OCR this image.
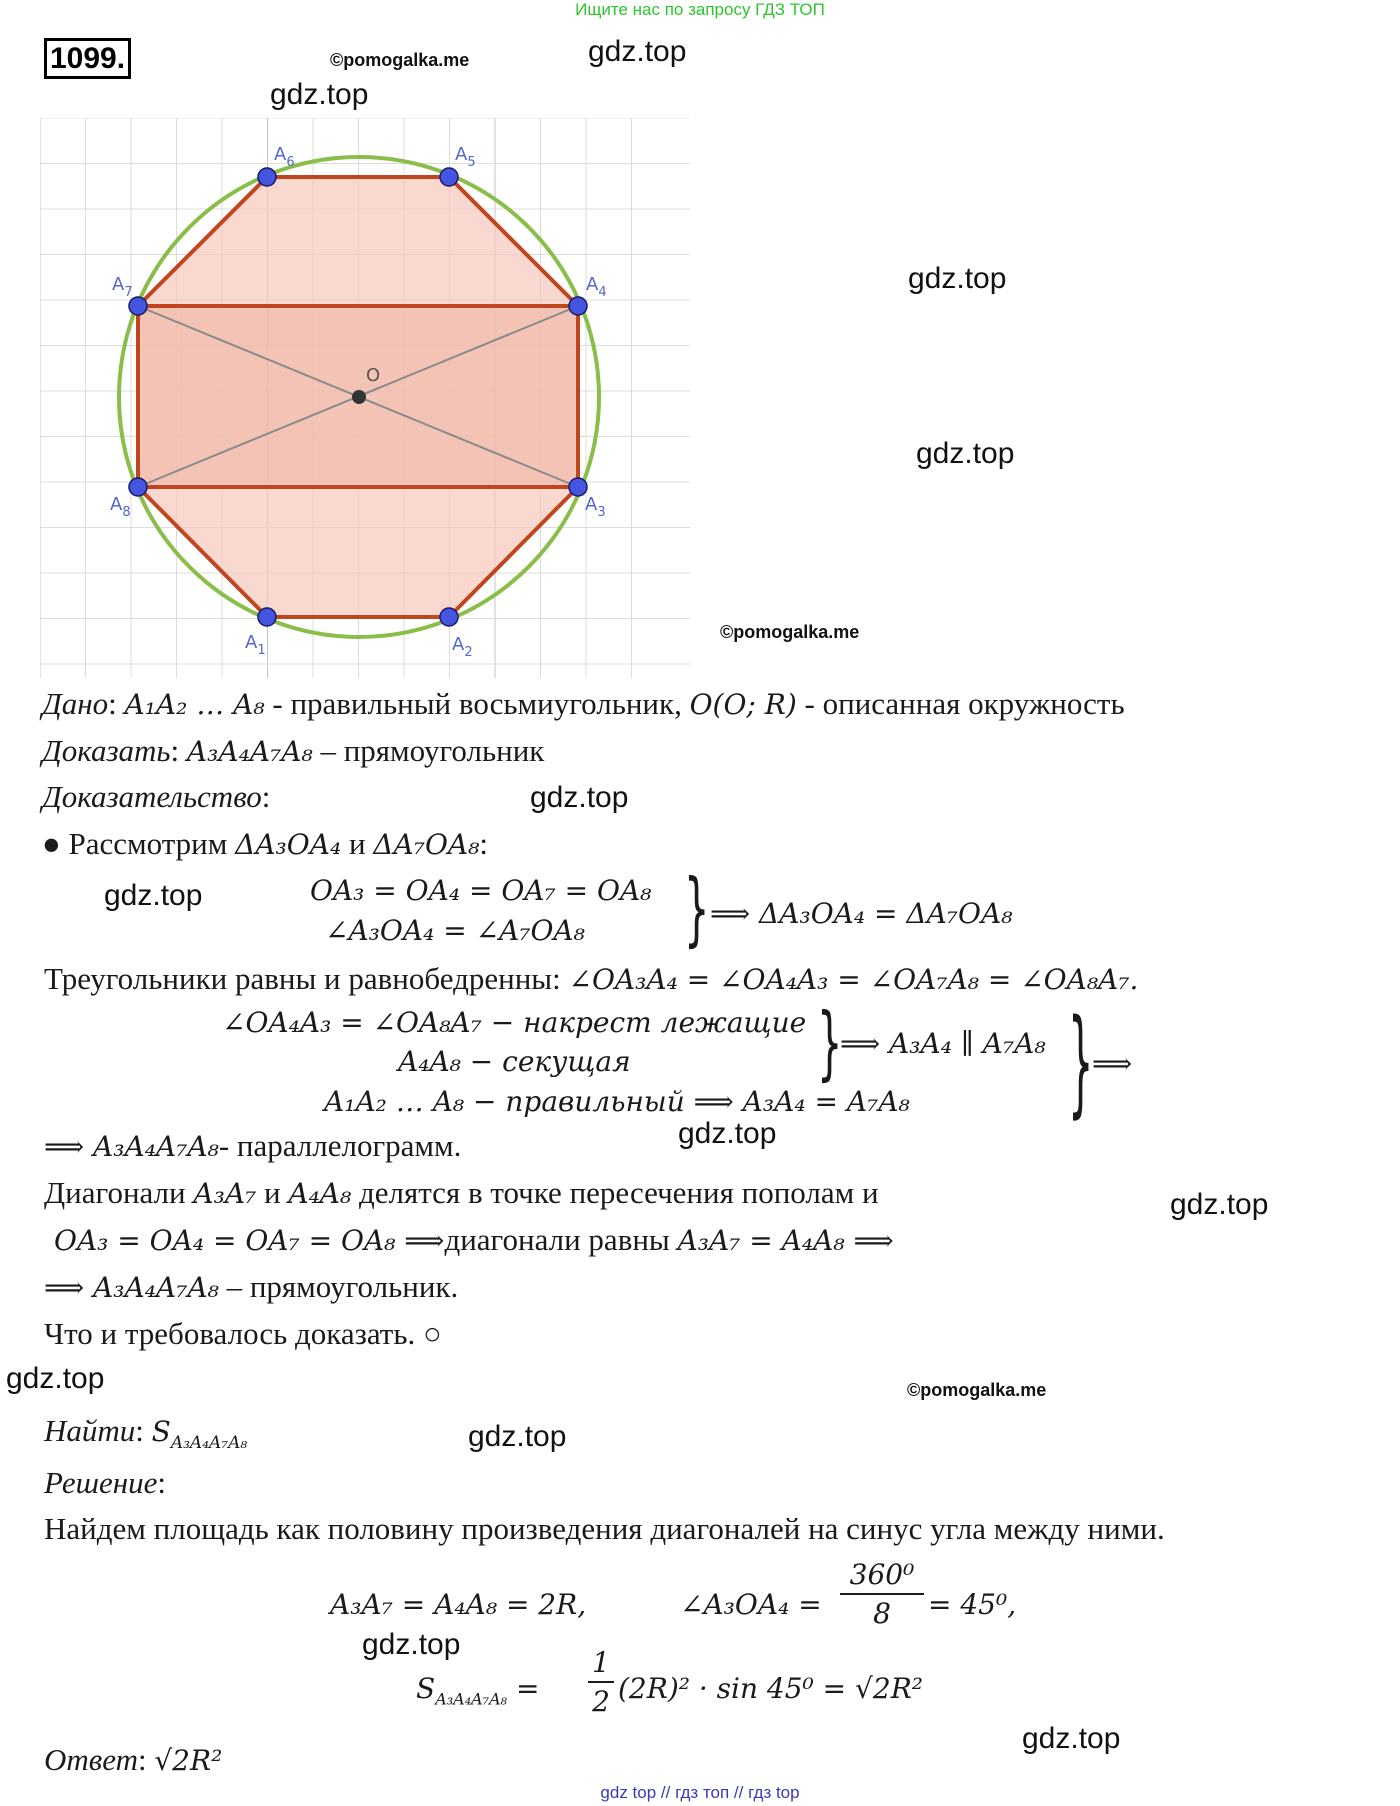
Ищите нас по запросу ГДЗ ТОП
1099.	©pomogalka.me	gdz.top
gdz.top
gdz.top
gdz.top
©pomogalka.me
O
$A_1$	$A_2$
$A_3$
$A_4$
$A_5$
$A_6$
$A_7$
$A_8$
Дано: A₁A₂ … A₈ - правильный восьмиугольник, O(O; R) - описанная окружность
Доказать: A₃A₄A₇A₈ – прямоугольник
Доказательство:	gdz.top
● Рассмотрим ΔA₃OA₄ и ΔA₇OA₈:
gdz.top	OA₃ = OA₄ = OA₇ = OA₈
∠A₃OA₄ = ∠A₇OA₈ } ⟹ ΔA₃OA₄ = ΔA₇OA₈
Треугольники равны и равнобедренны: ∠OA₃A₄ = ∠OA₄A₃ = ∠OA₇A₈ = ∠OA₈A₇.
∠OA₄A₃ = ∠OA₈A₇ − накрест лежащие
A₄A₈ − секущая	}
⟹ A₃A₄ ∥ A₇A₈
A₁A₂ … A₈ − правильный ⟹ A₃A₄ = A₇A₈	}
⟹
gdz.top
⟹ A₃A₄A₇A₈- параллелограмм.
Диагонали A₃A₇ и A₄A₈ делятся в точке пересечения пополам и	gdz.top
OA₃ = OA₄ = OA₇ = OA₈ ⟹диагонали равны A₃A₇ = A₄A₈ ⟹
⟹ A₃A₄A₇A₈ – прямоугольник.
Что и требовалось доказать. ○
gdz.top	©pomogalka.me
Найти: $S_{A_3A_4A_7A_8}$	gdz.top
Решение:
Найдем площадь как половину произведения диагоналей на синус угла между ними.
A₃A₇ = A₄A₈ = 2R,	∠A₃OA₄ =
360⁰
8	= 45⁰,
gdz.top
$S_{A_3A_4A_7A_8}$ =
1
2 (2R)² · sin 45⁰ = √2R²
gdz.top
Ответ: √2R²
gdz top // гдз топ // гдз top
